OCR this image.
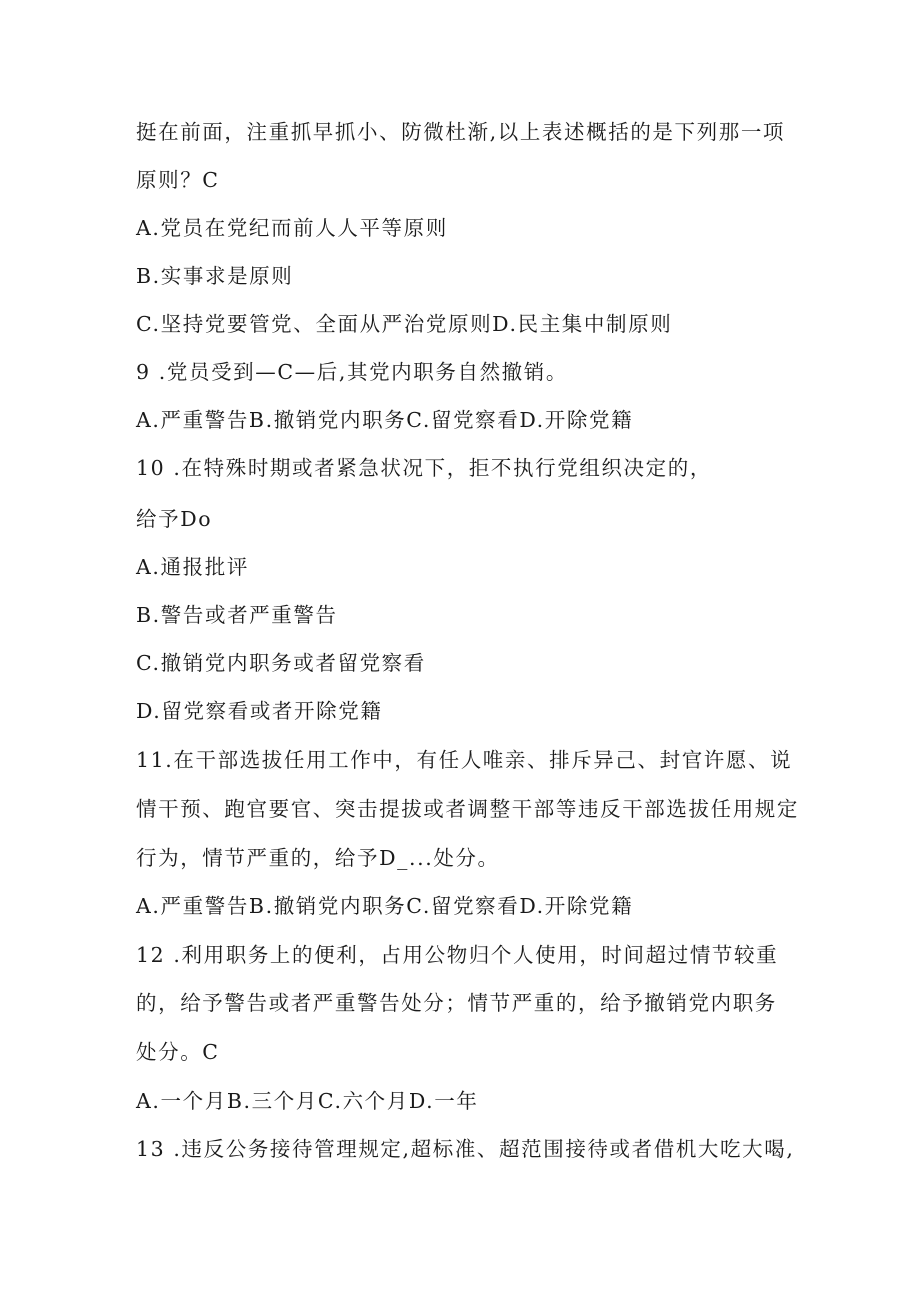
挺在前面，注重抓早抓小、防微杜渐,以上表述概括的是下列那一项
原则？C
A.党员在党纪而前人人平等原则
B.实事求是原则
C.坚持党要管党、全面从严治党原则D.民主集中制原则
9 .党员受到—C—后,其党内职务自然撤销。
A.严重警告B.撤销党内职务C.留党察看D.开除党籍
10 .在特殊时期或者紧急状况下，拒不执行党组织决定的，
给予Do
A.通报批评
B.警告或者严重警告
C.撤销党内职务或者留党察看
D.留党察看或者开除党籍
11.在干部选拔任用工作中，有任人唯亲、排斥异己、封官许愿、说
情干预、跑官要官、突击提拔或者调整干部等违反干部选拔任用规定
行为，情节严重的，给予D_...处分。
A.严重警告B.撤销党内职务C.留党察看D.开除党籍
12 .利用职务上的便利，占用公物归个人使用，时间超过情节较重
的，给予警告或者严重警告处分；情节严重的，给予撤销党内职务
处分。C
A.一个月B.三个月C.六个月D.一年
13 .违反公务接待管理规定,超标准、超范围接待或者借机大吃大喝,
